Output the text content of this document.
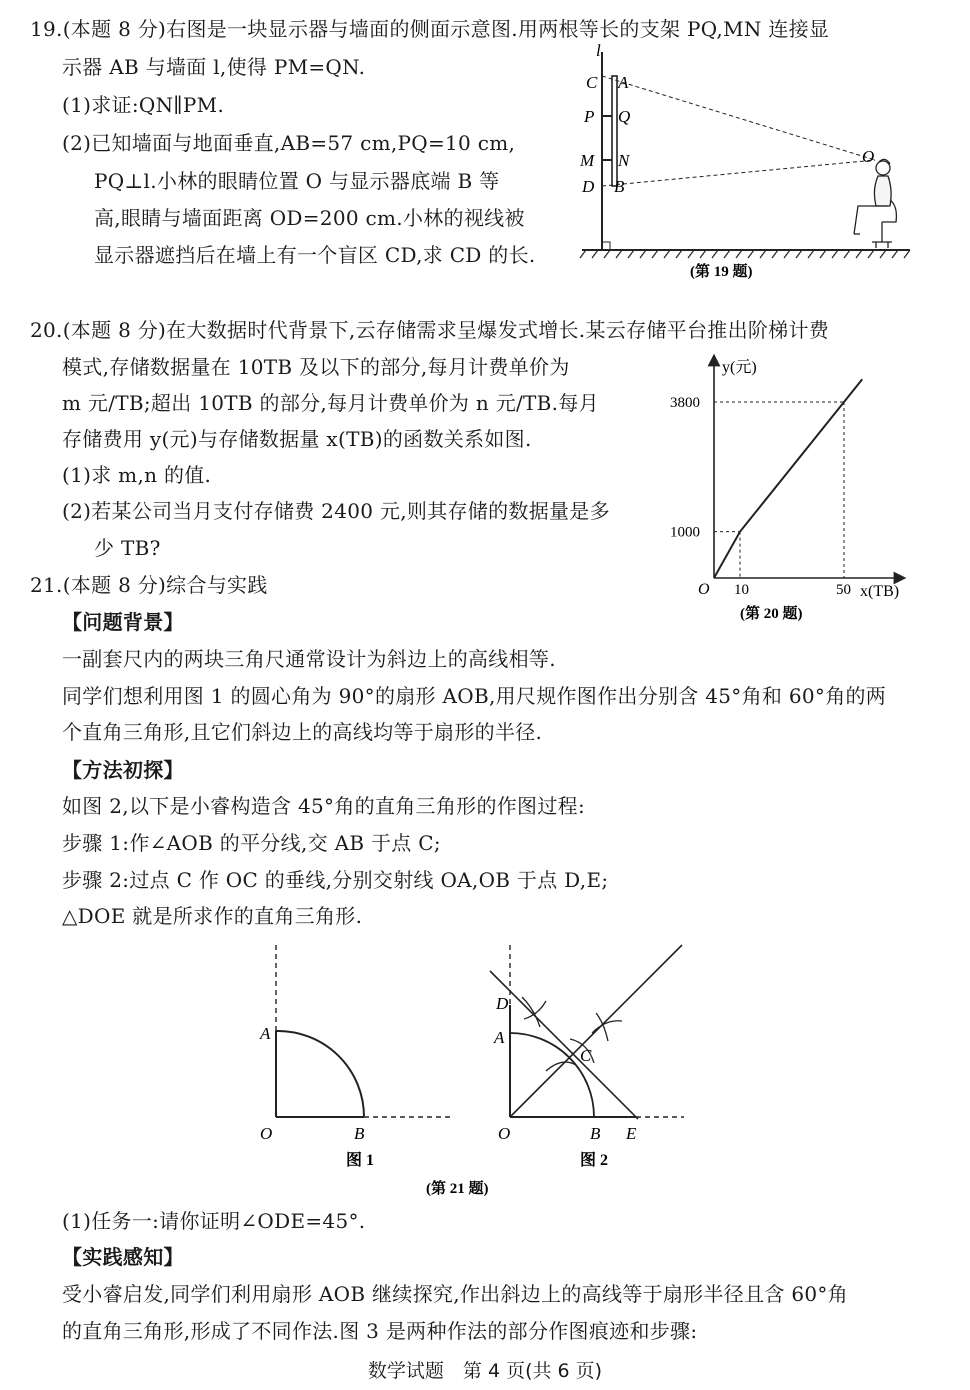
19.(本题 8 分)右图是一块显示器与墙面的侧面示意图.用两根等长的支架 PQ,MN 连接显
示器 AB 与墙面 l,使得 PM=QN.
(1)求证:QN∥PM.
(2)已知墙面与地面垂直,AB=57 cm,PQ=10 cm,
PQ⊥l.小林的眼睛位置 O 与显示器底端 B 等
高,眼睛与墙面距离 OD=200 cm.小林的视线被
显示器遮挡后在墙上有一个盲区 CD,求 CD 的长.
l
C A
P Q
M N
D B
O
(第 19 题)
20.(本题 8 分)在大数据时代背景下,云存储需求呈爆发式增长.某云存储平台推出阶梯计费
模式,存储数据量在 10TB 及以下的部分,每月计费单价为
m 元/TB;超出 10TB 的部分,每月计费单价为 n 元/TB.每月
存储费用 y(元)与存储数据量 x(TB)的函数关系如图.
(1)求 m,n 的值.
(2)若某公司当月支付存储费 2400 元,则其存储的数据量是多
少 TB?
y(元)
x(TB)
O
3800
1000
10	50
(第 20 题)
21.(本题 8 分)综合与实践
【问题背景】
一副套尺内的两块三角尺通常设计为斜边上的高线相等.
同学们想利用图 1 的圆心角为 90°的扇形 AOB,用尺规作图作出分别含 45°角和 60°角的两
个直角三角形,且它们斜边上的高线均等于扇形的半径.
【方法初探】
如图 2,以下是小睿构造含 45°角的直角三角形的作图过程:
步骤 1:作∠AOB 的平分线,交 AB 于点 C;
步骤 2:过点 C 作 OC 的垂线,分别交射线 OA,OB 于点 D,E;
△DOE 就是所求作的直角三角形.
A
O	B
图 1
D
A
C
O	B E
图 2
(第 21 题)
(1)任务一:请你证明∠ODE=45°.
【实践感知】
受小睿启发,同学们利用扇形 AOB 继续探究,作出斜边上的高线等于扇形半径且含 60°角
的直角三角形,形成了不同作法.图 3 是两种作法的部分作图痕迹和步骤:
数学试题　第 4 页(共 6 页)
